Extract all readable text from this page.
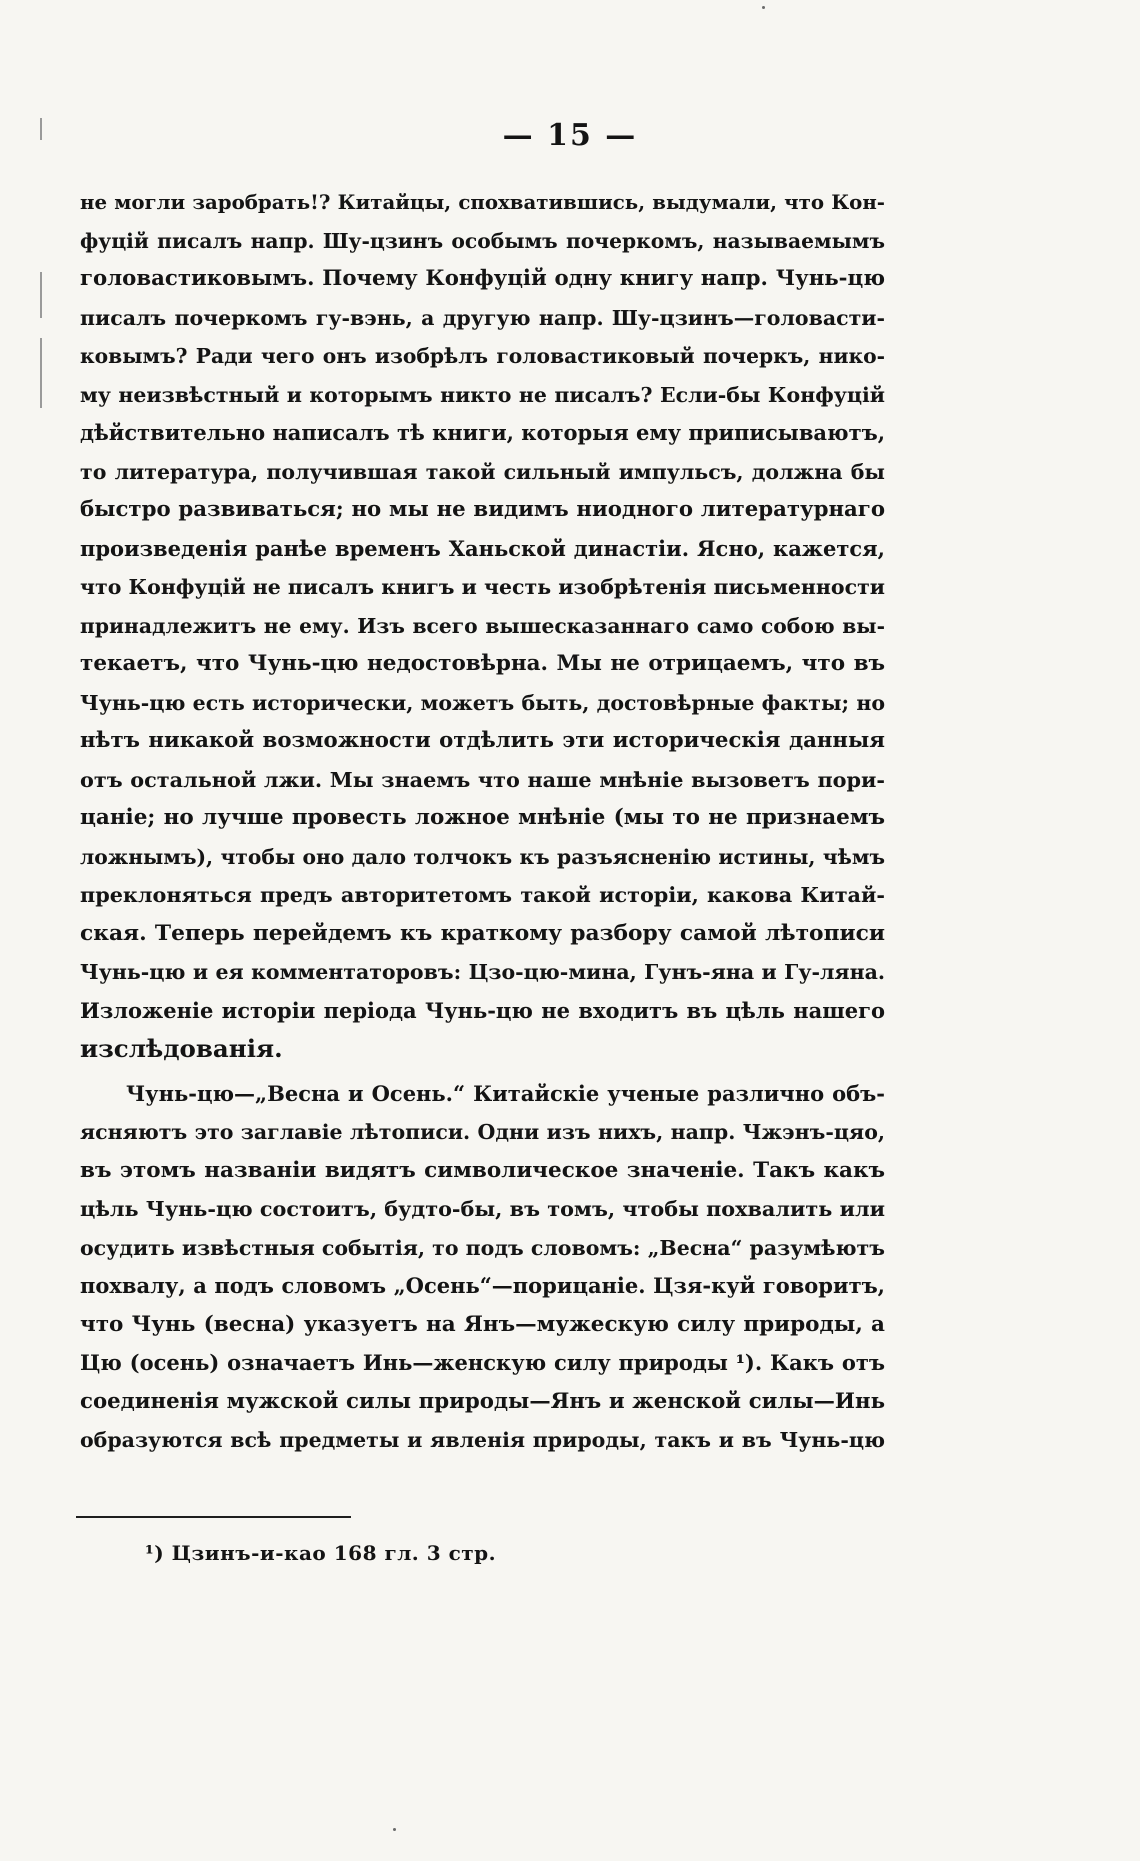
— 15 —
не могли заробрать!? Китайцы, спохватившись, выдумали, что Кон-
фуцій писалъ напр. Шу-цзинъ особымъ почеркомъ, называемымъ
головастиковымъ. Почему Конфуцій одну книгу напр. Чунь-цю
писалъ почеркомъ гу-вэнь, а другую напр. Шу-цзинъ—головасти-
ковымъ? Ради чего онъ изобрѣлъ головастиковый почеркъ, нико-
му неизвѣстный и которымъ никто не писалъ? Если-бы Конфуцій
дѣйствительно написалъ тѣ книги, которыя ему приписываютъ,
то литература, получившая такой сильный импульсъ, должна бы
быстро развиваться; но мы не видимъ ниодного литературнаго
произведенія ранѣе временъ Ханьской династіи. Ясно, кажется,
что Конфуцій не писалъ книгъ и честь изобрѣтенія письменности
принадлежитъ не ему. Изъ всего вышесказаннаго само собою вы-
текаетъ, что Чунь-цю недостовѣрна. Мы не отрицаемъ, что въ
Чунь-цю есть исторически, можетъ быть, достовѣрные факты; но
нѣтъ никакой возможности отдѣлить эти историческія данныя
отъ остальной лжи. Мы знаемъ что наше мнѣніе вызоветъ пори-
цаніе; но лучше провесть ложное мнѣніе (мы то не признаемъ
ложнымъ), чтобы оно дало толчокъ къ разъясненію истины, чѣмъ
преклоняться предъ авторитетомъ такой исторіи, какова Китай-
ская. Теперь перейдемъ къ краткому разбору самой лѣтописи
Чунь-цю и ея комментаторовъ: Цзо-цю-мина, Гунъ-яна и Гу-ляна.
Изложеніе исторіи періода Чунь-цю не входитъ въ цѣль нашего
изслѣдованія.
Чунь-цю—„Весна и Осень.“ Китайскіе ученые различно объ-
ясняютъ это заглавіе лѣтописи. Одни изъ нихъ, напр. Чжэнъ-цяо,
въ этомъ названіи видятъ символическое значеніе. Такъ какъ
цѣль Чунь-цю состоитъ, будто-бы, въ томъ, чтобы похвалить или
осудить извѣстныя событія, то подъ словомъ: „Весна“ разумѣютъ
похвалу, а подъ словомъ „Осень“—порицаніе. Цзя-куй говоритъ,
что Чунь (весна) указуетъ на Янъ—мужескую силу природы, а
Цю (осень) означаетъ Инь—женскую силу природы ¹). Какъ отъ
соединенія мужской силы природы—Янъ и женской силы—Инь
образуются всѣ предметы и явленія природы, такъ и въ Чунь-цю
¹) Цзинъ-и-као 168 гл. 3 стр.
